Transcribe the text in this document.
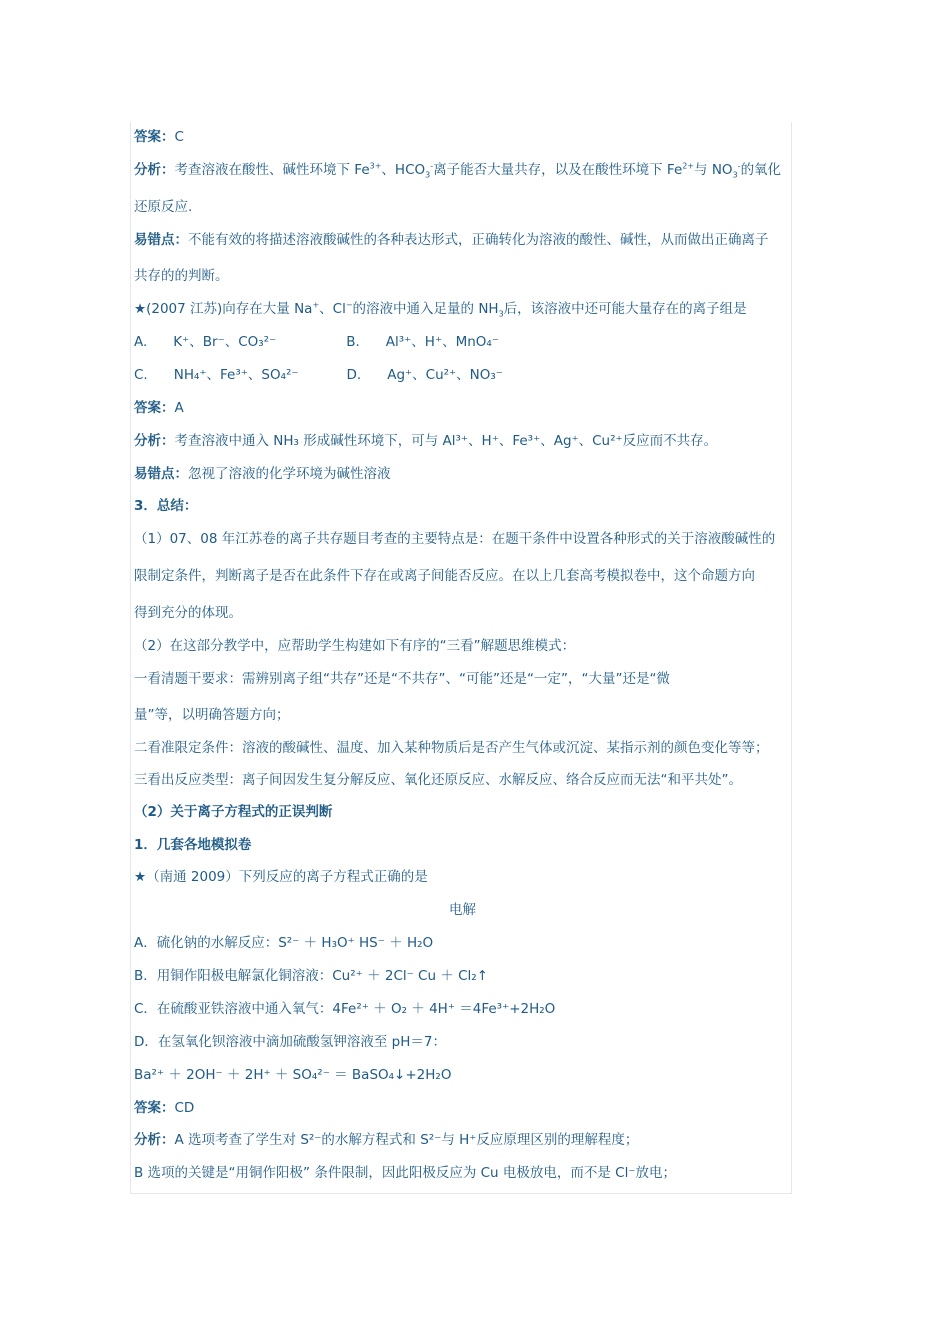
答案：C
分析：考查溶液在酸性、碱性环境下 $Fe^{3+}$、$HCO_3^-$离子能否大量共存，以及在酸性环境下 $Fe^{2+}$与 $NO_3^-$的氧化
还原反应.
易错点：不能有效的将描述溶液酸碱性的各种表达形式，正确转化为溶液的酸性、碱性，从而做出正确离子
共存的的判断。
★(2007 江苏)向存在大量 Na+、Cl−的溶液中通入足量的 $NH_3$后，该溶液中还可能大量存在的离子组是
A. K⁺、Br⁻、CO₃²⁻	B. Al³⁺、H⁺、MnO₄⁻
C. NH₄⁺、Fe³⁺、SO₄²⁻	D. Ag⁺、Cu²⁺、NO₃⁻
答案：A
分析：考查溶液中通入 NH₃ 形成碱性环境下，可与 Al³⁺、H⁺、Fe³⁺、Ag⁺、Cu²⁺反应而不共存。
易错点：忽视了溶液的化学环境为碱性溶液
3．总结：
（1）07、08 年江苏卷的离子共存题目考查的主要特点是：在题干条件中设置各种形式的关于溶液酸碱性的
限制定条件，判断离子是否在此条件下存在或离子间能否反应。在以上几套高考模拟卷中，这个命题方向
得到充分的体现。
（2）在这部分教学中，应帮助学生构建如下有序的“三看”解题思维模式：
一看清题干要求：需辨别离子组“共存”还是“不共存”、“可能”还是“一定”，“大量”还是“微
量”等，以明确答题方向；
二看准限定条件：溶液的酸碱性、温度、加入某种物质后是否产生气体或沉淀、某指示剂的颜色变化等等；
三看出反应类型：离子间因发生复分解反应、氧化还原反应、水解反应、络合反应而无法“和平共处”。
（2）关于离子方程式的正误判断
1．几套各地模拟卷
★（南通 2009）下列反应的离子方程式正确的是
电解
A．硫化钠的水解反应：S²⁻ ＋ H₃O⁺ HS⁻ ＋ H₂O
B．用铜作阳极电解氯化铜溶液：Cu²⁺ ＋ 2Cl⁻ Cu ＋ Cl₂↑
C．在硫酸亚铁溶液中通入氧气：4Fe²⁺ ＋ O₂ ＋ 4H⁺ ＝4Fe³⁺+2H₂O
D．在氢氧化钡溶液中滴加硫酸氢钾溶液至 pH＝7：
Ba²⁺ ＋ 2OH⁻ ＋ 2H⁺ ＋ SO₄²⁻ ＝ BaSO₄↓+2H₂O
答案：CD
分析：A 选项考查了学生对 S²⁻的水解方程式和 S²⁻与 H⁺反应原理区别的理解程度；
B 选项的关键是“用铜作阳极” 条件限制，因此阳极反应为 Cu 电极放电，而不是 Cl⁻放电；
